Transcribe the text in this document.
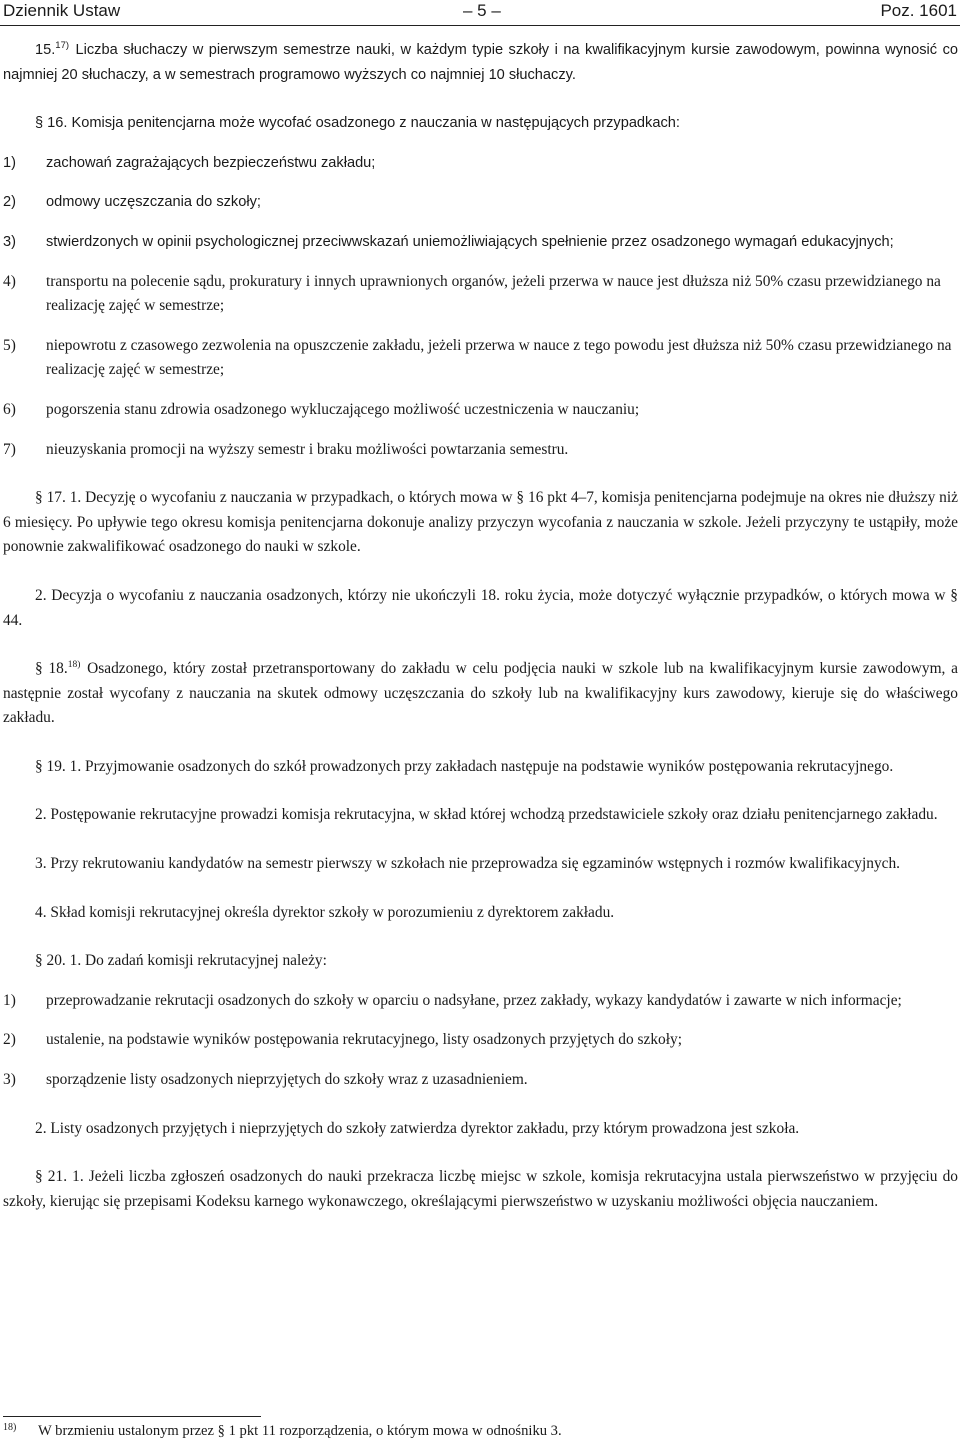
Dziennik Ustaw	– 5 –	Poz. 1601

15.$^{17)}$ Liczba słuchaczy w pierwszym semestrze nauki, w każdym typie szkoły i na kwalifikacyjnym kursie zawodowym, powinna wynosić co najmniej 20 słuchaczy, a w semestrach programowo wyższych co najmniej 10 słuchaczy.

§ 16. Komisja penitencjarna może wycofać osadzonego z nauczania w następujących przypadkach:

1) zachowań zagrażających bezpieczeństwu zakładu;
2) odmowy uczęszczania do szkoły;
3) stwierdzonych w opinii psychologicznej przeciwwskazań uniemożliwiających spełnienie przez osadzonego wymagań edukacyjnych;
4) transportu na polecenie sądu, prokuratury i innych uprawnionych organów, jeżeli przerwa w nauce jest dłuższa niż 50% czasu przewidzianego na realizację zajęć w semestrze;
5) niepowrotu z czasowego zezwolenia na opuszczenie zakładu, jeżeli przerwa w nauce z tego powodu jest dłuższa niż 50% czasu przewidzianego na realizację zajęć w semestrze;
6) pogorszenia stanu zdrowia osadzonego wykluczającego możliwość uczestniczenia w nauczaniu;
7) nieuzyskania promocji na wyższy semestr i braku możliwości powtarzania semestru.

§ 17. 1. Decyzję o wycofaniu z nauczania w przypadkach, o których mowa w § 16 pkt 4–7, komisja penitencjarna podejmuje na okres nie dłuższy niż 6 miesięcy. Po upływie tego okresu komisja penitencjarna dokonuje analizy przyczyn wycofania z nauczania w szkole. Jeżeli przyczyny te ustąpiły, może ponownie zakwalifikować osadzonego do nauki w szkole.

2. Decyzja o wycofaniu z nauczania osadzonych, którzy nie ukończyli 18. roku życia, może dotyczyć wyłącznie przypadków, o których mowa w § 44.

§ 18.$^{18)}$ Osadzonego, który został przetransportowany do zakładu w celu podjęcia nauki w szkole lub na kwalifikacyjnym kursie zawodowym, a następnie został wycofany z nauczania na skutek odmowy uczęszczania do szkoły lub na kwalifikacyjny kurs zawodowy, kieruje się do właściwego zakładu.

§ 19. 1. Przyjmowanie osadzonych do szkół prowadzonych przy zakładach następuje na podstawie wyników postępowania rekrutacyjnego.

2. Postępowanie rekrutacyjne prowadzi komisja rekrutacyjna, w skład której wchodzą przedstawiciele szkoły oraz działu penitencjarnego zakładu.

3. Przy rekrutowaniu kandydatów na semestr pierwszy w szkołach nie przeprowadza się egzaminów wstępnych i rozmów kwalifikacyjnych.

4. Skład komisji rekrutacyjnej określa dyrektor szkoły w porozumieniu z dyrektorem zakładu.

§ 20. 1. Do zadań komisji rekrutacyjnej należy:

1) przeprowadzanie rekrutacji osadzonych do szkoły w oparciu o nadsyłane, przez zakłady, wykazy kandydatów i zawarte w nich informacje;
2) ustalenie, na podstawie wyników postępowania rekrutacyjnego, listy osadzonych przyjętych do szkoły;
3) sporządzenie listy osadzonych nieprzyjętych do szkoły wraz z uzasadnieniem.

2. Listy osadzonych przyjętych i nieprzyjętych do szkoły zatwierdza dyrektor zakładu, przy którym prowadzona jest szkoła.

§ 21. 1. Jeżeli liczba zgłoszeń osadzonych do nauki przekracza liczbę miejsc w szkole, komisja rekrutacyjna ustala pierwszeństwo w przyjęciu do szkoły, kierując się przepisami Kodeksu karnego wykonawczego, określającymi pierwszeństwo w uzyskaniu możliwości objęcia nauczaniem.

18) W brzmieniu ustalonym przez § 1 pkt 11 rozporządzenia, o którym mowa w odnośniku 3.
